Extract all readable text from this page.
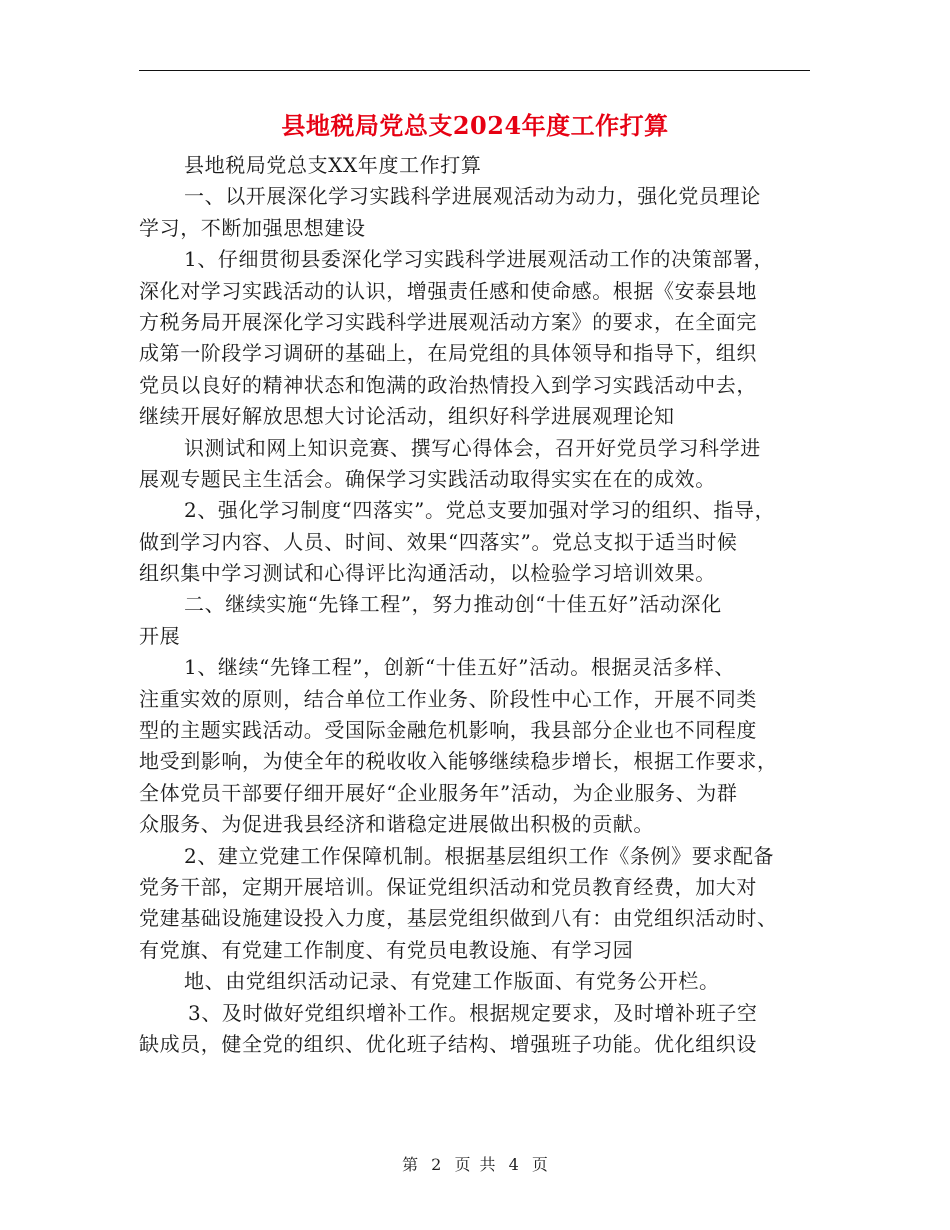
县地税局党总支2024年度工作打算
县地税局党总支XX年度工作打算
一、以开展深化学习实践科学进展观活动为动力，强化党员理论
学习，不断加强思想建设
1、仔细贯彻县委深化学习实践科学进展观活动工作的决策部署，
深化对学习实践活动的认识，增强责任感和使命感。根据《安泰县地
方税务局开展深化学习实践科学进展观活动方案》的要求，在全面完
成第一阶段学习调研的基础上，在局党组的具体领导和指导下，组织
党员以良好的精神状态和饱满的政治热情投入到学习实践活动中去，
继续开展好解放思想大讨论活动，组织好科学进展观理论知
识测试和网上知识竞赛、撰写心得体会，召开好党员学习科学进
展观专题民主生活会。确保学习实践活动取得实实在在的成效。
2、强化学习制度“四落实”。党总支要加强对学习的组织、指导，
做到学习内容、人员、时间、效果“四落实”。党总支拟于适当时候
组织集中学习测试和心得评比沟通活动，以检验学习培训效果。
二、继续实施“先锋工程”，努力推动创“十佳五好”活动深化
开展
1、继续“先锋工程”，创新“十佳五好”活动。根据灵活多样、
注重实效的原则，结合单位工作业务、阶段性中心工作，开展不同类
型的主题实践活动。受国际金融危机影响，我县部分企业也不同程度
地受到影响，为使全年的税收收入能够继续稳步增长，根据工作要求，
全体党员干部要仔细开展好“企业服务年”活动，为企业服务、为群
众服务、为促进我县经济和谐稳定进展做出积极的贡献。
2、建立党建工作保障机制。根据基层组织工作《条例》要求配备
党务干部，定期开展培训。保证党组织活动和党员教育经费，加大对
党建基础设施建设投入力度，基层党组织做到八有：由党组织活动时、
有党旗、有党建工作制度、有党员电教设施、有学习园
地、由党组织活动记录、有党建工作版面、有党务公开栏。
3、及时做好党组织增补工作。根据规定要求，及时增补班子空
缺成员，健全党的组织、优化班子结构、增强班子功能。优化组织设
第 2 页 共 4 页
